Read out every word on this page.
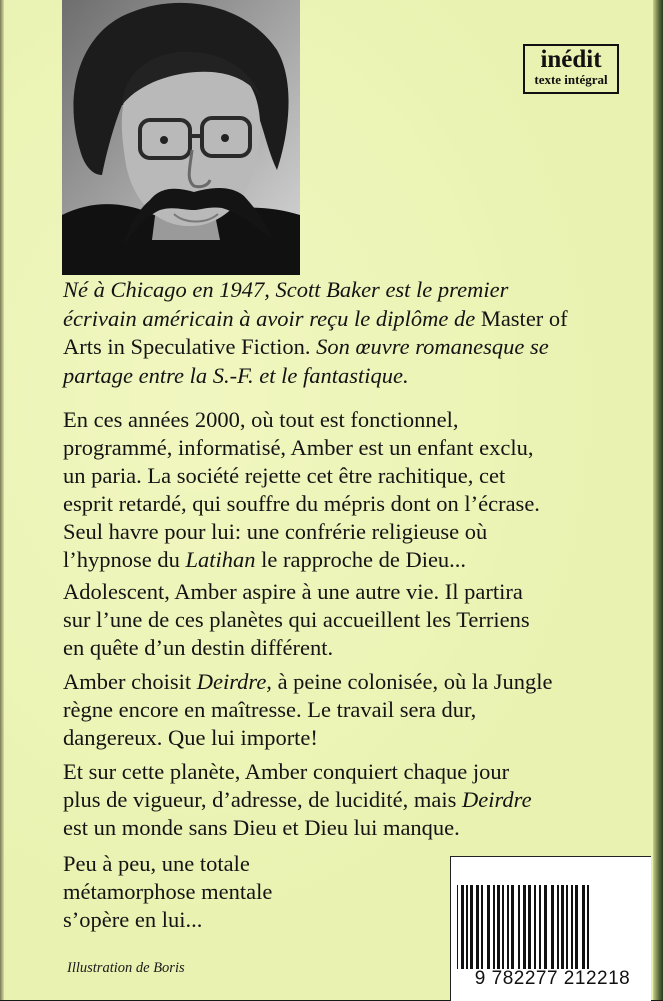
inédit
texte intégral
Né à Chicago en 1947, Scott Baker est le premier
écrivain américain à avoir reçu le diplôme de Master of
Arts in Speculative Fiction. Son œuvre romanesque se
partage entre la S.-F. et le fantastique.
En ces années 2000, où tout est fonctionnel,
programmé, informatisé, Amber est un enfant exclu,
un paria. La société rejette cet être rachitique, cet
esprit retardé, qui souffre du mépris dont on l’écrase.
Seul havre pour lui: une confrérie religieuse où
l’hypnose du Latihan le rapproche de Dieu...
Adolescent, Amber aspire à une autre vie. Il partira
sur l’une de ces planètes qui accueillent les Terriens
en quête d’un destin différent.
Amber choisit Deirdre, à peine colonisée, où la Jungle
règne encore en maîtresse. Le travail sera dur,
dangereux. Que lui importe!
Et sur cette planète, Amber conquiert chaque jour
plus de vigueur, d’adresse, de lucidité, mais Deirdre
est un monde sans Dieu et Dieu lui manque.
Peu à peu, une totale
métamorphose mentale
s’opère en lui...
Illustration de Boris	9 782277 212218
